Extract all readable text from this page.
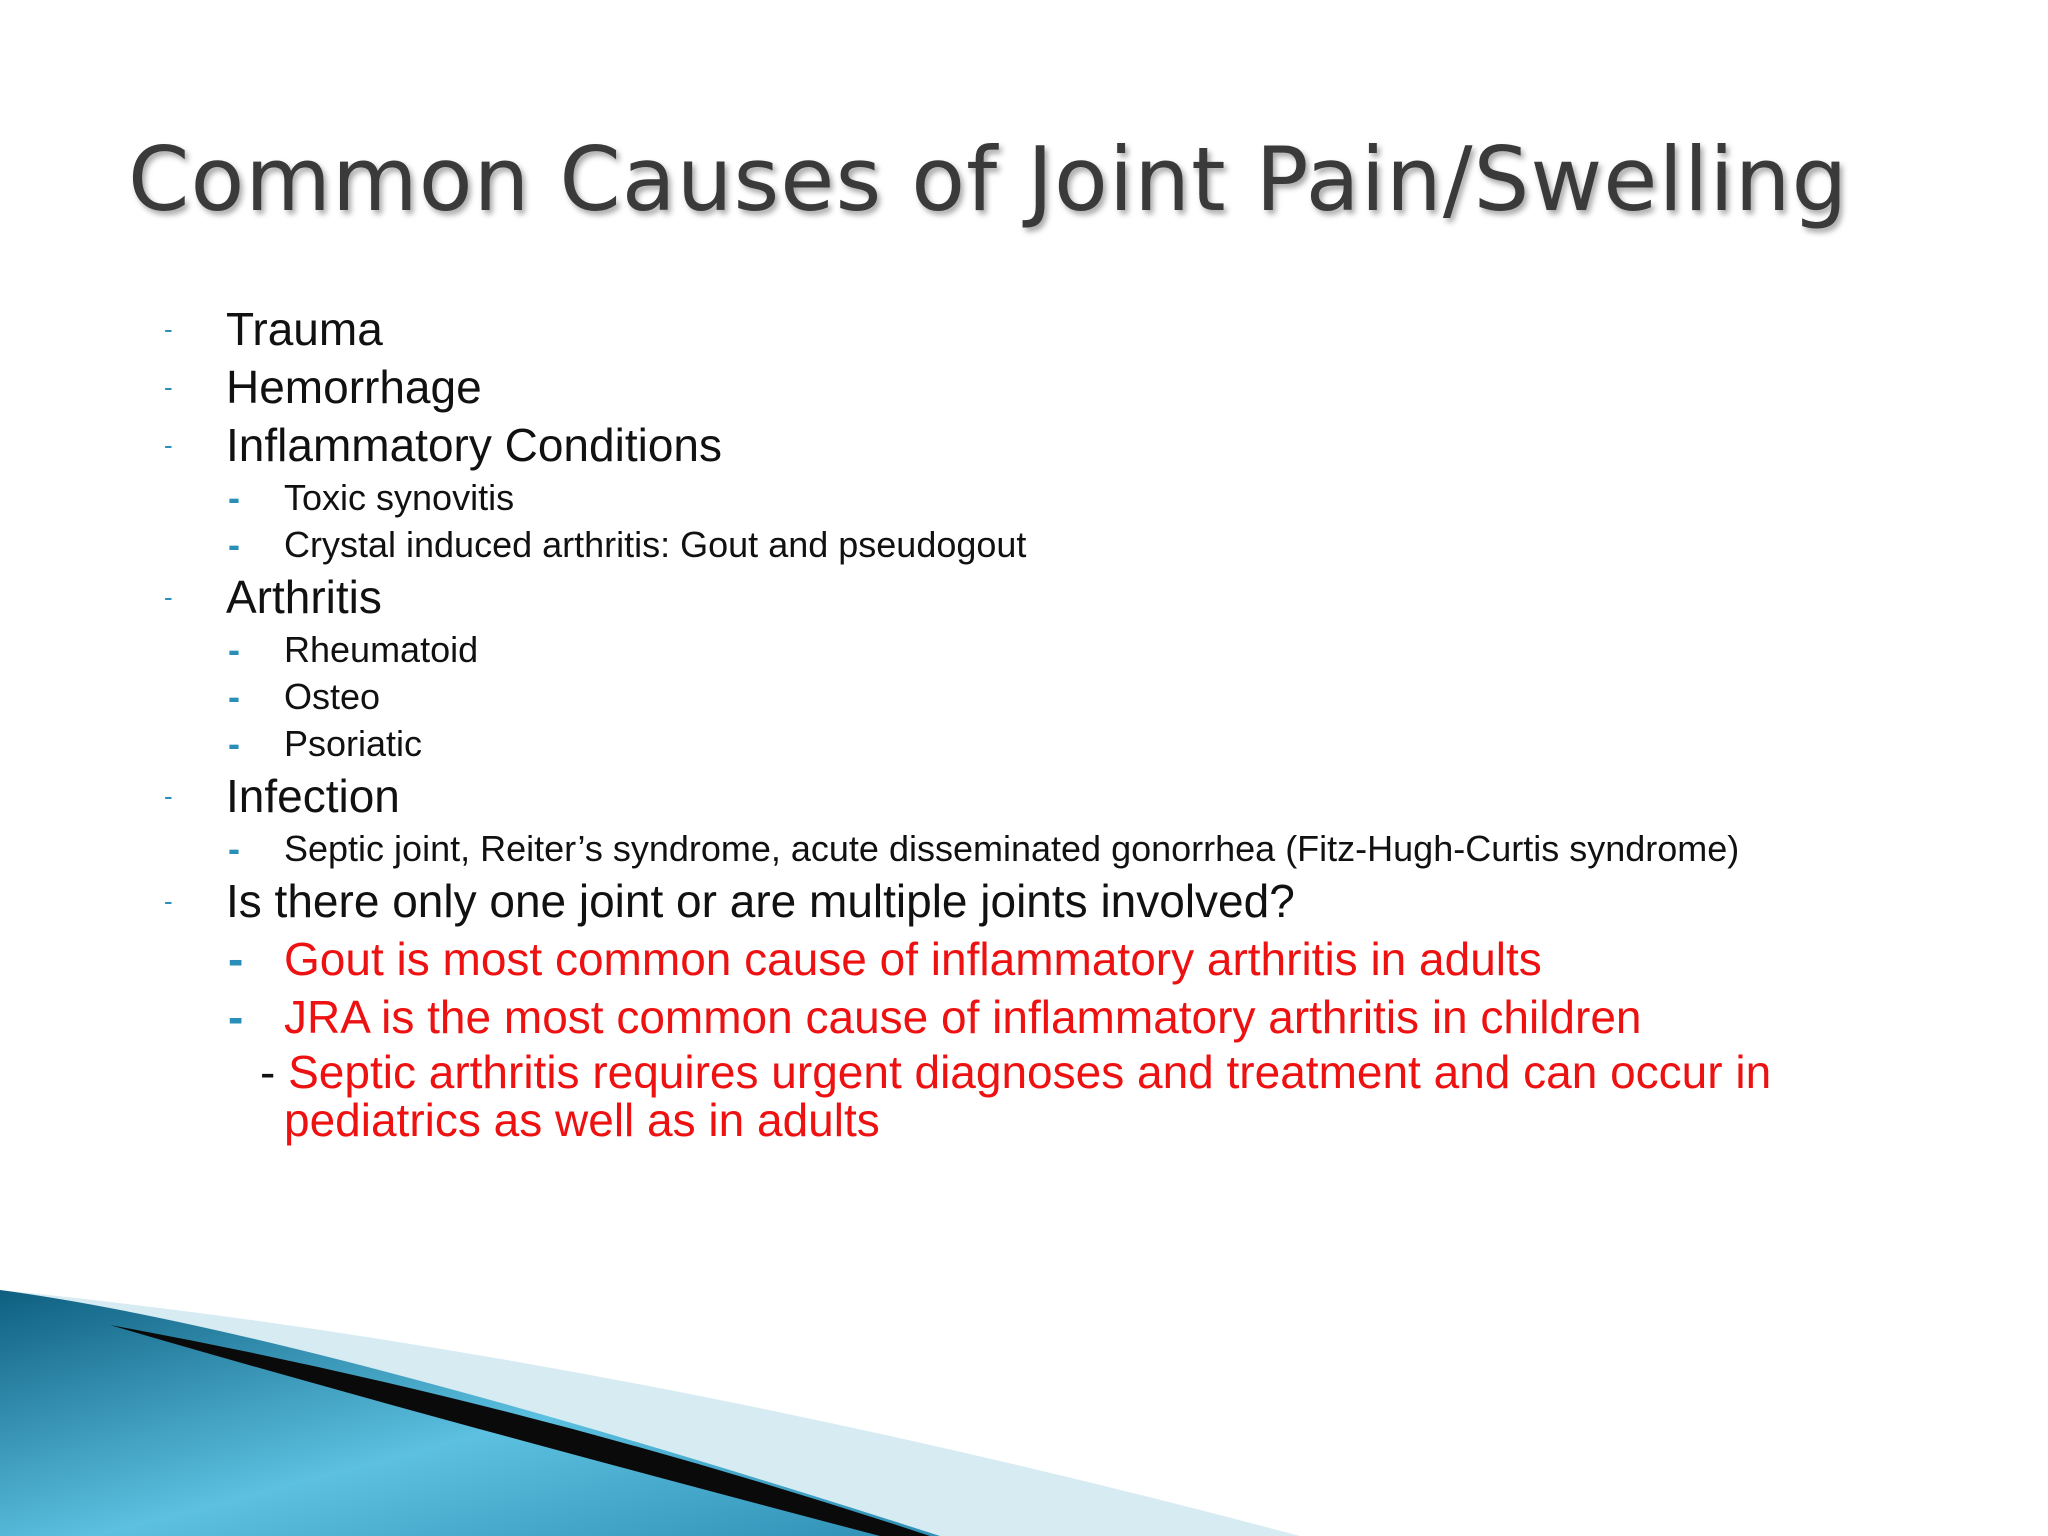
Common Causes of Joint Pain/Swelling
- Trauma
- Hemorrhage
- Inflammatory Conditions
- Toxic synovitis
- Crystal induced arthritis: Gout and pseudogout
- Arthritis
- Rheumatoid
- Osteo
- Psoriatic
- Infection
- Septic joint, Reiter’s syndrome, acute disseminated gonorrhea (Fitz-Hugh-Curtis syndrome)
- Is there only one joint or are multiple joints involved?
- Gout is most common cause of inflammatory arthritis in adults
- JRA is the most common cause of inflammatory arthritis in children
- Septic arthritis requires urgent diagnoses and treatment and can occur in
pediatrics as well as in adults
